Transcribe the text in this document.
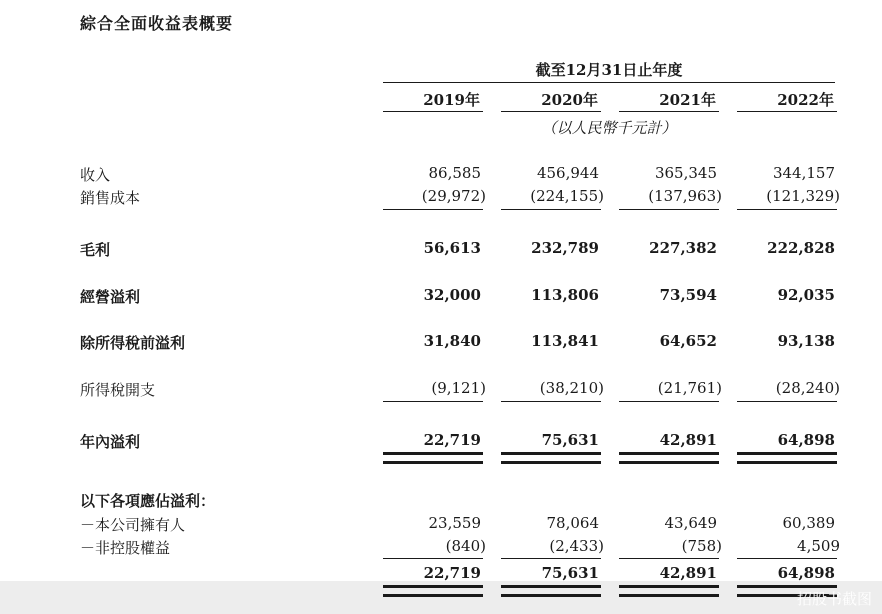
綜合全面收益表概要
截至12月31日止年度
2019年	2020年	2021年	2022年
（以人民幣千元計）
收入	86,585	456,944	365,345	344,157
銷售成本	(29,972)	(224,155)	(137,963)	(121,329)
毛利	56,613	232,789	227,382	222,828
經營溢利	32,000	113,806	73,594	92,035
除所得稅前溢利	31,840	113,841	64,652	93,138
所得稅開支	(9,121)	(38,210)	(21,761)	(28,240)
年內溢利	22,719	75,631	42,891	64,898
以下各項應佔溢利：
－本公司擁有人	23,559	78,064	43,649	60,389
－非控股權益	(840)	(2,433)	(758)	4,509
22,719	75,631	42,891	64,898
招股书截图
